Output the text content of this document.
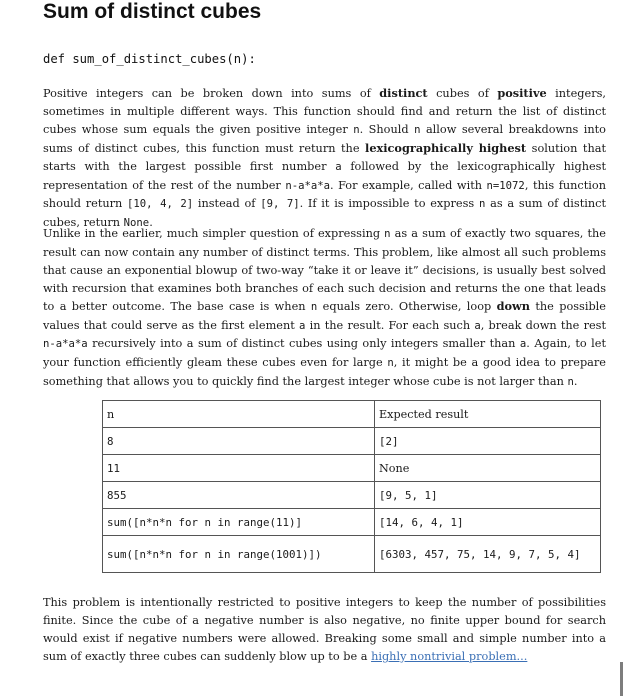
Sum of distinct cubes
def sum_of_distinct_cubes(n):
Positive integers can be broken down into sums of distinct cubes of positive integers, sometimes in multiple different ways. This function should find and return the list of distinct cubes whose sum equals the given positive integer n. Should n allow several breakdowns into sums of distinct cubes, this function must return the lexicographically highest solution that starts with the largest possible first number a followed by the lexicographically highest representation of the rest of the number n-a*a*a. For example, called with n=1072, this function should return [10, 4, 2] instead of [9, 7]. If it is impossible to express n as a sum of distinct cubes, return None.
Unlike in the earlier, much simpler question of expressing n as a sum of exactly two squares, the result can now contain any number of distinct terms. This problem, like almost all such problems that cause an exponential blowup of two-way “take it or leave it” decisions, is usually best solved with recursion that examines both branches of each such decision and returns the one that leads to a better outcome. The base case is when n equals zero. Otherwise, loop down the possible values that could serve as the first element a in the result. For each such a, break down the rest n-a*a*a recursively into a sum of distinct cubes using only integers smaller than a. Again, to let your function efficiently gleam these cubes even for large n, it might be a good idea to prepare something that allows you to quickly find the largest integer whose cube is not larger than n.
n	Expected result
8	[2]
11	None
855	[9, 5, 1]
sum([n*n*n for n in range(11)]	[14, 6, 4, 1]
sum([n*n*n for n in range(1001)])	[6303, 457, 75, 14, 9, 7, 5, 4]
This problem is intentionally restricted to positive integers to keep the number of possibilities finite. Since the cube of a negative number is also negative, no finite upper bound for search would exist if negative numbers were allowed. Breaking some small and simple number into a sum of exactly three cubes can suddenly blow up to be a highly nontrivial problem...
